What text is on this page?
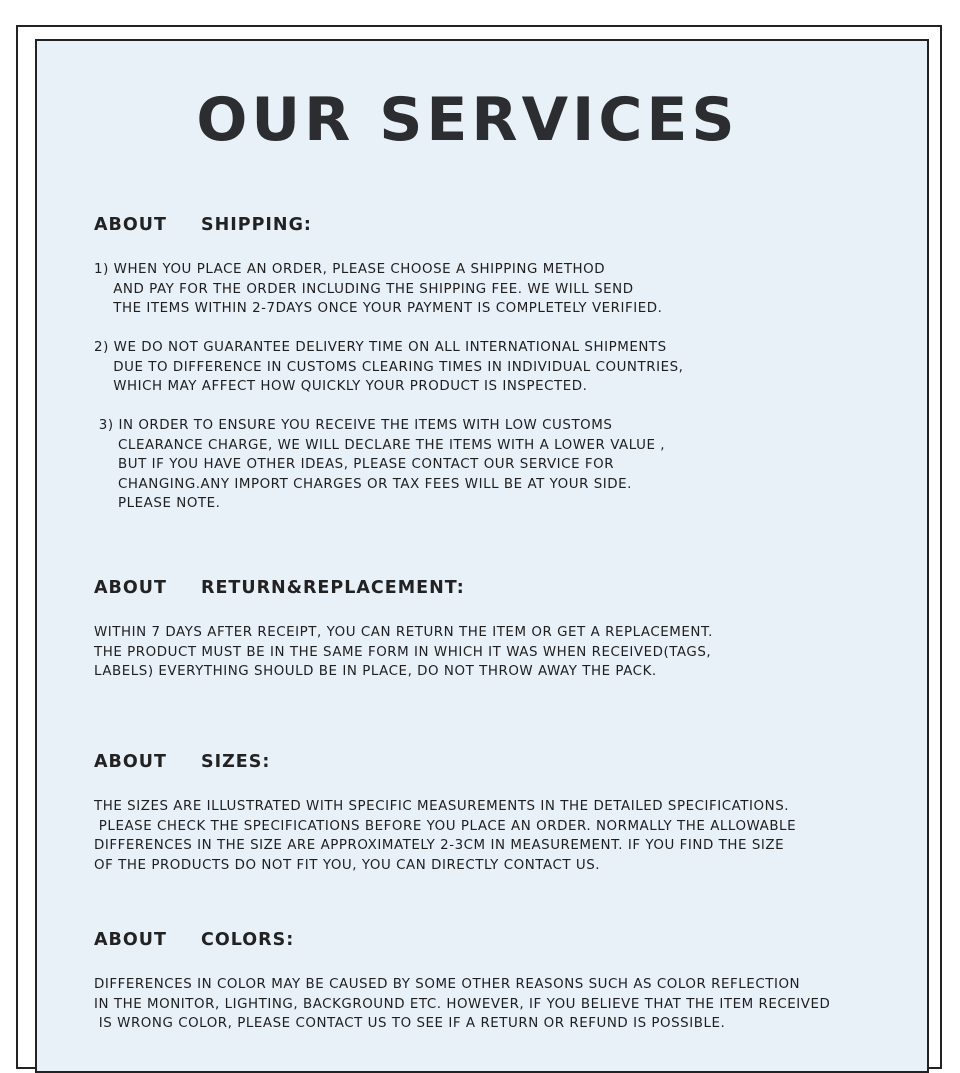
OUR SERVICES
ABOUT SHIPPING:
1) WHEN YOU PLACE AN ORDER, PLEASE CHOOSE A SHIPPING METHOD
AND PAY FOR THE ORDER INCLUDING THE SHIPPING FEE. WE WILL SEND
THE ITEMS WITHIN 2-7DAYS ONCE YOUR PAYMENT IS COMPLETELY VERIFIED.
2) WE DO NOT GUARANTEE DELIVERY TIME ON ALL INTERNATIONAL SHIPMENTS
DUE TO DIFFERENCE IN CUSTOMS CLEARING TIMES IN INDIVIDUAL COUNTRIES,
WHICH MAY AFFECT HOW QUICKLY YOUR PRODUCT IS INSPECTED.
3) IN ORDER TO ENSURE YOU RECEIVE THE ITEMS WITH LOW CUSTOMS
CLEARANCE CHARGE, WE WILL DECLARE THE ITEMS WITH A LOWER VALUE ,
BUT IF YOU HAVE OTHER IDEAS, PLEASE CONTACT OUR SERVICE FOR
CHANGING.ANY IMPORT CHARGES OR TAX FEES WILL BE AT YOUR SIDE.
PLEASE NOTE.
ABOUT RETURN&REPLACEMENT:
WITHIN 7 DAYS AFTER RECEIPT, YOU CAN RETURN THE ITEM OR GET A REPLACEMENT.
THE PRODUCT MUST BE IN THE SAME FORM IN WHICH IT WAS WHEN RECEIVED(TAGS,
LABELS) EVERYTHING SHOULD BE IN PLACE, DO NOT THROW AWAY THE PACK.
ABOUT SIZES:
THE SIZES ARE ILLUSTRATED WITH SPECIFIC MEASUREMENTS IN THE DETAILED SPECIFICATIONS.
PLEASE CHECK THE SPECIFICATIONS BEFORE YOU PLACE AN ORDER. NORMALLY THE ALLOWABLE
DIFFERENCES IN THE SIZE ARE APPROXIMATELY 2-3CM IN MEASUREMENT. IF YOU FIND THE SIZE
OF THE PRODUCTS DO NOT FIT YOU, YOU CAN DIRECTLY CONTACT US.
ABOUT COLORS:
DIFFERENCES IN COLOR MAY BE CAUSED BY SOME OTHER REASONS SUCH AS COLOR REFLECTION
IN THE MONITOR, LIGHTING, BACKGROUND ETC. HOWEVER, IF YOU BELIEVE THAT THE ITEM RECEIVED
IS WRONG COLOR, PLEASE CONTACT US TO SEE IF A RETURN OR REFUND IS POSSIBLE.
